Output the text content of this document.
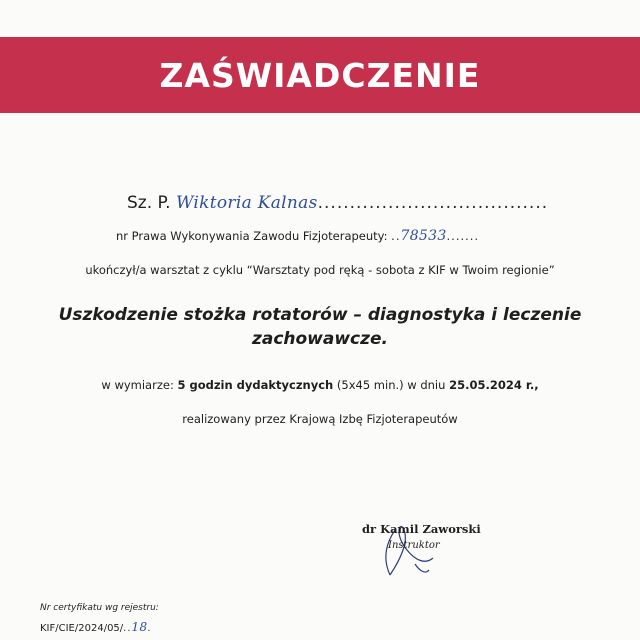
ZAŚWIADCZENIE
Sz. P. Wiktoria Kalnas....................................
nr Prawa Wykonywania Zawodu Fizjoterapeuty: ..78533.......
ukończył/a warsztat z cyklu “Warsztaty pod ręką - sobota z KIF w Twoim regionie”
Uszkodzenie stożka rotatorów – diagnostyka i leczenie zachowawcze.
w wymiarze: 5 godzin dydaktycznych (5x45 min.) w dniu 25.05.2024 r.,
realizowany przez Krajową Izbę Fizjoterapeutów
dr Kamil Zaworski
Instruktor
Nr certyfikatu wg rejestru:
KIF/CIE/2024/05/..18.
